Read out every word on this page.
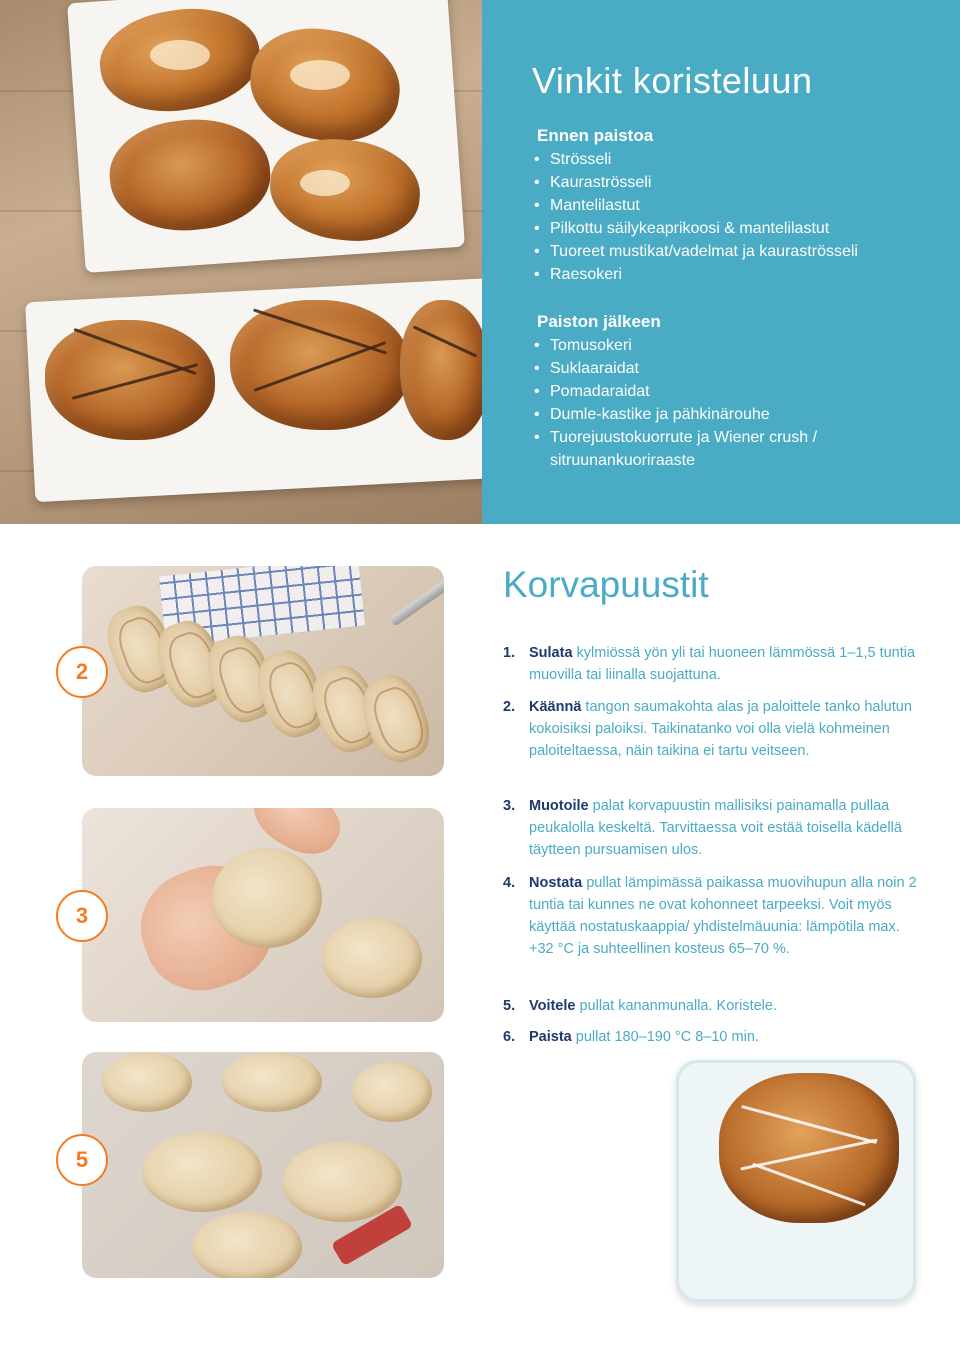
Vinkit koristeluun
Ennen paistoa
• Strösseli
• Kauraströsseli
• Mantelilastut
• Pilkottu säilykeaprikoosi & mantelilastut
• Tuoreet mustikat/vadelmat ja kauraströsseli
• Raesokeri
Paiston jälkeen
• Tomusokeri
• Suklaaraidat
• Pomadaraidat
• Dumle-kastike ja pähkinärouhe
• Tuorejuustokuorrute ja Wiener crush / sitruunankuoriraaste
2
3
5
Korvapuustit
1. Sulata kylmiössä yön yli tai huoneen lämmössä 1–1,5 tuntia muovilla tai liinalla suojattuna.
2. Käännä tangon saumakohta alas ja paloittele tanko halutun kokoisiksi paloiksi. Taikinatanko voi olla vielä kohmeinen paloiteltaessa, näin taikina ei tartu veitseen.
3. Muotoile palat korvapuustin mallisiksi painamalla pullaa peukalolla keskeltä. Tarvittaessa voit estää toisella kädellä täytteen pursuamisen ulos.
4. Nostata pullat lämpimässä paikassa muovihupun alla noin 2 tuntia tai kunnes ne ovat kohonneet tarpeeksi. Voit myös käyttää nostatuskaappia/ yhdistelmäuunia: lämpötila max. +32 °C ja suhteellinen kosteus 65–70 %.
5. Voitele pullat kananmunalla. Koristele.
6. Paista pullat 180–190 °C 8–10 min.
